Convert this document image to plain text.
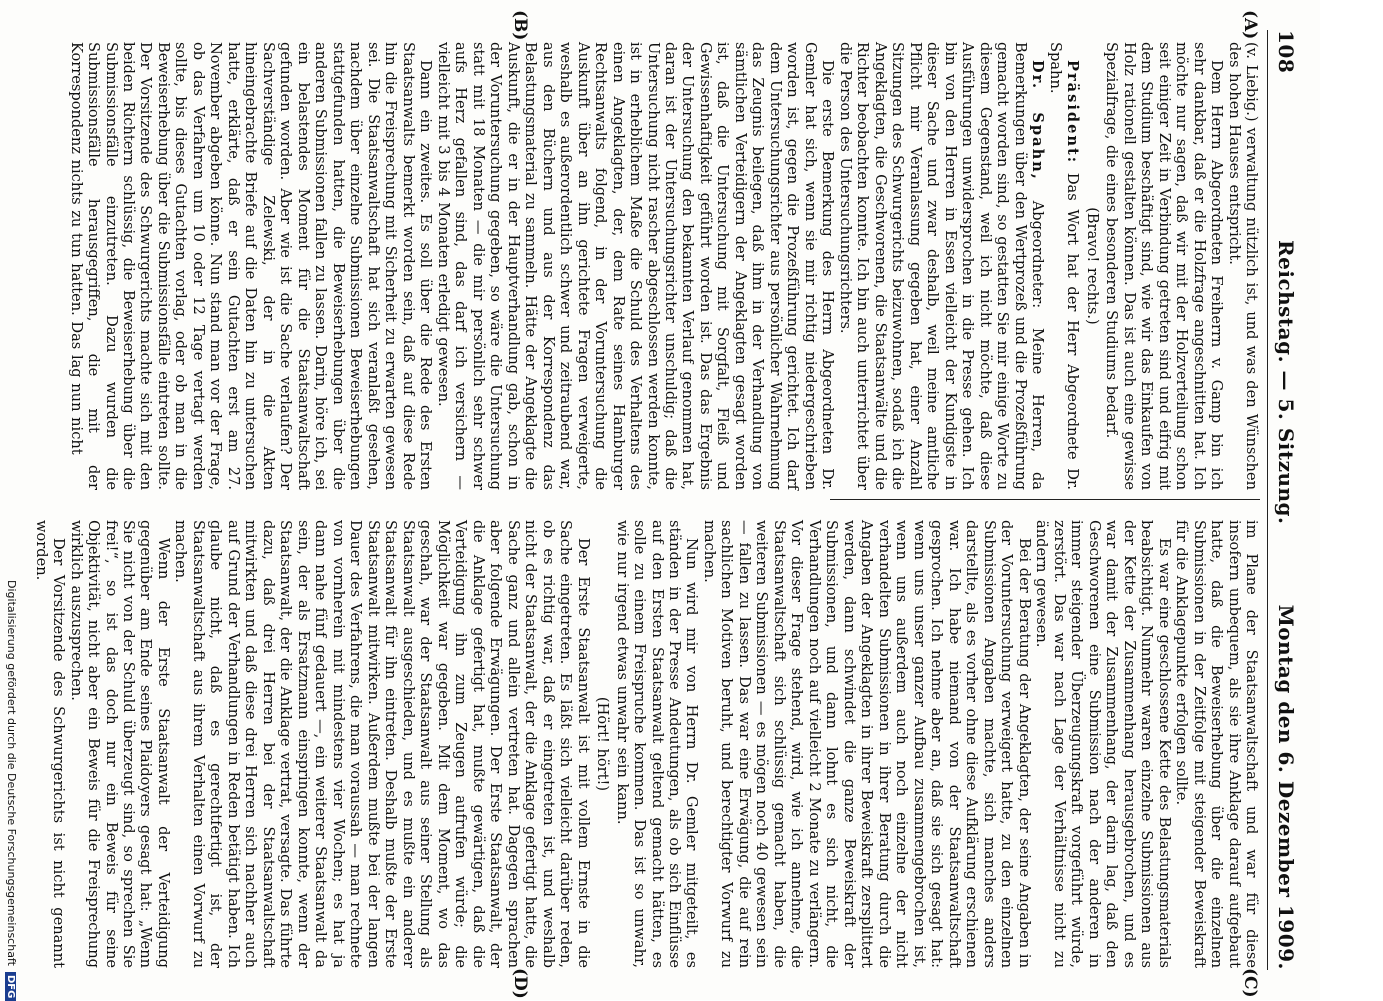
108
Reichstag. — 5. Sitzung.
Montag den 6. Dezember 1909.
(A)
(B)
(C)
(D)

(v. Liebig.) verwaltung nützlich ist, und was den Wünschen des hohen Hauses entspricht.

Dem Herrn Abgeordneten Freiherrn v. Gamp bin ich sehr dankbar, daß er die Holzfrage angeschnitten hat. Ich möchte nur sagen, daß wir mit der Holzverteilung schon seit einiger Zeit in Verbindung getreten sind und eifrig mit dem Studium beschäftigt sind, wie wir das Einkaufen von Holz rationell gestalten können. Das ist auch eine gewisse Spezialfrage, die eines besonderen Studiums bedarf.

(Bravo! rechts.)

Präsident: Das Wort hat der Herr Abgeordnete Dr. Spahn.

Dr. Spahn, Abgeordneter: Meine Herren, da Bemerkungen über den Wertprozeß und die Prozeßführung gemacht worden sind, so gestatten Sie mir einige Worte zu diesem Gegenstand, weil ich nicht möchte, daß diese Ausführungen unwidersprochen in die Presse gehen. Ich bin von den Herren in Essen vielleicht der Kundigste in dieser Sache und zwar deshalb, weil meine amtliche Pflicht mir Veranlassung gegeben hat, einer Anzahl Sitzungen des Schwurgerichts beizuwohnen, sodaß ich die Angeklagten, die Geschworenen, die Staatsanwälte und die Richter beobachten konnte. Ich bin auch unterrichtet über die Person des Untersuchungsrichters.

Die erste Bemerkung des Herrn Abgeordneten Dr. Gemler hat sich, wenn sie mir richtig niedergeschrieben worden ist, gegen die Prozeßführung gerichtet. Ich darf dem Untersuchungsrichter aus persönlicher Wahrnehmung das Zeugnis beilegen, daß ihm in der Verhandlung von sämtlichen Verteidigern der Angeklagten gesagt worden ist, daß die Untersuchung mit Sorgfalt, Fleiß und Gewissenhaftigkeit geführt worden ist. Das das Ergebnis der Untersuchung den bekannten Verlauf genommen hat, daran ist der Untersuchungsrichter unschuldig; daß die Untersuchung nicht rascher abgeschlossen werden konnte, ist in erheblichem Maße die Schuld des Verhaltens des einen Angeklagten, der, dem Rate seines Hamburger Rechtsanwalts folgend, in der Voruntersuchung die Auskunft über an ihn gerichtete Fragen verweigerte, weshalb es außerordentlich schwer und zeitraubend war, aus den Büchern und aus der Korrespondenz das Belastungsmaterial zu sammeln. Hätte der Angeklagte die Auskunft, die er in der Hauptverhandlung gab, schon in der Voruntersuchung gegeben, so wäre die Untersuchung statt mit 18 Monaten — die mir persönlich sehr schwer aufs Herz gefallen sind, das darf ich versichern — vielleicht mit 3 bis 4 Monaten erledigt gewesen.

Dann ein zweites. Es soll über die Rede des Ersten Staatsanwalts bemerkt worden sein, daß auf diese Rede hin die Freisprechung mit Sicherheit zu erwarten gewesen sei. Die Staatsanwaltschaft hat sich veranlaßt gesehen, nachdem über einzelne Submissionen Beweiserhebungen stattgefunden hatten, die Beweiserhebungen über die anderen Submissionen fallen zu lassen. Darin, höre ich, sei ein belastendes Moment für die Staatsanwaltschaft gefunden worden. Aber wie ist die Sache verlaufen? Der Sachverständige Zelewski, der in die Akten hineingebrachte Briefe auf die Daten hin zu untersuchen hatte, erklärte, daß er sein Gutachten erst am 27. November abgeben könne. Nun stand man vor der Frage, ob das Verfahren um 10 oder 12 Tage vertagt werden sollte, bis dieses Gutachten vorlag, oder ob man in die Beweiserhebung über die Submissionsfälle eintreten sollte. Der Vorsitzende des Schwurgerichts machte sich mit den beiden Richtern schlüssig, die Beweiserhebung über die Submissionsfälle einzutreten. Dazu wurden die Submissionsfälle herausgegriffen, die mit der Korrespondenz nichts zu tun hatten. Das lag nun nicht

im Plane der Staatsanwaltschaft und war für diese insofern unbequem, als sie ihre Anklage darauf aufgebaut hatte, daß die Beweiserhebung über die einzelnen Submissionen in der Zeitfolge mit steigender Beweiskraft für die Anklagepunkte erfolgen sollte.

Es war eine geschlossene Kette des Belastungsmaterials beabsichtigt. Nunmehr waren einzelne Submissionen aus der Kette der Zusammenhang herausgebrochen, und es war damit der Zusammenhang, der darin lag, daß den Geschworenen eine Submission nach der anderen in immer steigender Überzeugungskraft vorgeführt würde, zerstört. Das war nach Lage der Verhältnisse nicht zu ändern gewesen.

Bei der Beratung der Angeklagten, der seine Angaben in der Voruntersuchung verweigert hatte, zu den einzelnen Submissionen Angaben machte, sich manches anders darstellte, als es vorher ohne diese Aufklärung erschienen war. Ich habe niemand von der Staatsanwaltschaft gesprochen. Ich nehme aber an, daß sie sich gesagt hat: wenn uns unser ganzer Aufbau zusammengebrochen ist, wenn uns außerdem auch noch einzelne der nicht verhandelten Submissionen in ihrer Beratung durch die Angaben der Angeklagten in ihrer Beweiskraft zersplittert werden, dann schwindet die ganze Beweiskraft der Submissionen, und dann lohnt es sich nicht, die Verhandlungen noch auf vielleicht 2 Monate zu verlängern. Vor dieser Frage stehend, wird, wie ich annehme, die Staatsanwaltschaft sich schlüssig gemacht haben, die weiteren Submissionen — es mögen noch 40 gewesen sein — fallen zu lassen. Das war eine Erwägung, die auf rein sachlichen Motiven beruht, und berechtigter Vorwurf zu machen.

Nun wird mir von Herrn Dr. Gemler mitgeteilt, es ständen in der Presse Andeutungen, als ob sich Einflüsse auf den Ersten Staatsanwalt geltend gemacht hätten, es solle zu einem Freispruche kommen. Das ist so unwahr, wie nur irgend etwas unwahr sein kann.

(Hört! hört!)

Der Erste Staatsanwalt ist mit vollem Ernste in die Sache eingetreten. Es läßt sich vielleicht darüber reden, ob es richtig war, daß er eingetreten ist, und weshalb nicht der Staatsanwalt, der die Anklage gefertigt hatte, die Sache ganz und allein vertreten hat. Dagegen sprachen aber folgende Erwägungen. Der Erste Staatsanwalt, der die Anklage gefertigt hat, mußte gewärtigen, daß die Verteidigung ihn zum Zeugen aufrufen würde; die Möglichkeit war gegeben. Mit dem Moment, wo das geschah, war der Staatsanwalt aus seiner Stellung als Staatsanwalt ausgeschieden, und es mußte ein anderer Staatsanwalt für ihn eintreten. Deshalb mußte der Erste Staatsanwalt mitwirken. Außerdem mußte bei der langen Dauer des Verfahrens, die man voraussah — man rechnete von vornherein mit mindestens vier Wochen; es hat ja dann nahe fünf gedauert —, ein weiterer Staatsanwalt da sein, der als Ersatzmann einspringen konnte, wenn der Staatsanwalt, der die Anklage vertrat, versagte. Das führte dazu, daß drei Herren bei der Staatsanwaltschaft mitwirkten und daß diese drei Herren sich nachher auch auf Grund der Verhandlungen in Reden betätigt haben. Ich glaube nicht, daß es gerechtfertigt ist, der Staatsanwaltschaft aus ihrem Verhalten einen Vorwurf zu machen.

Wenn der Erste Staatsanwalt der Verteidigung gegenüber am Ende seines Plaidoyers gesagt hat: „Wenn Sie nicht von der Schuld überzeugt sind, so sprechen Sie frei!“, so ist das doch nur ein Beweis für seine Objektivität, nicht aber ein Beweis für die Freisprechung wirklich auszusprechen.

Der Vorsitzende des Schwurgerichts ist nicht genannt worden.

Digitalisierung gefördert durch die Deutsche ForschungsgemeinschaftDFG
